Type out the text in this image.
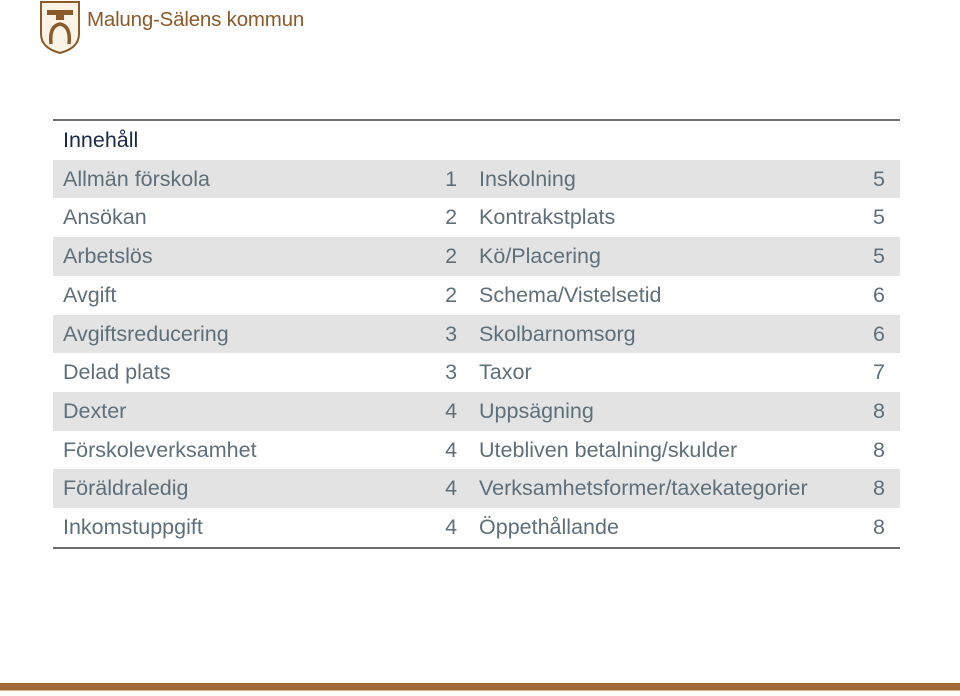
Malung-Sälens kommun
Innehåll			
Allmän förskola	1	Inskolning	5
Ansökan	2	Kontrakstplats	5
Arbetslös	2	Kö/Placering	5
Avgift	2	Schema/Vistelsetid	6
Avgiftsreducering	3	Skolbarnomsorg	6
Delad plats	3	Taxor	7
Dexter	4	Uppsägning	8
Förskoleverksamhet	4	Utebliven betalning/skulder	8
Föräldraledig	4	Verksamhetsformer/taxekategorier	8
Inkomstuppgift	4	Öppethållande	8
